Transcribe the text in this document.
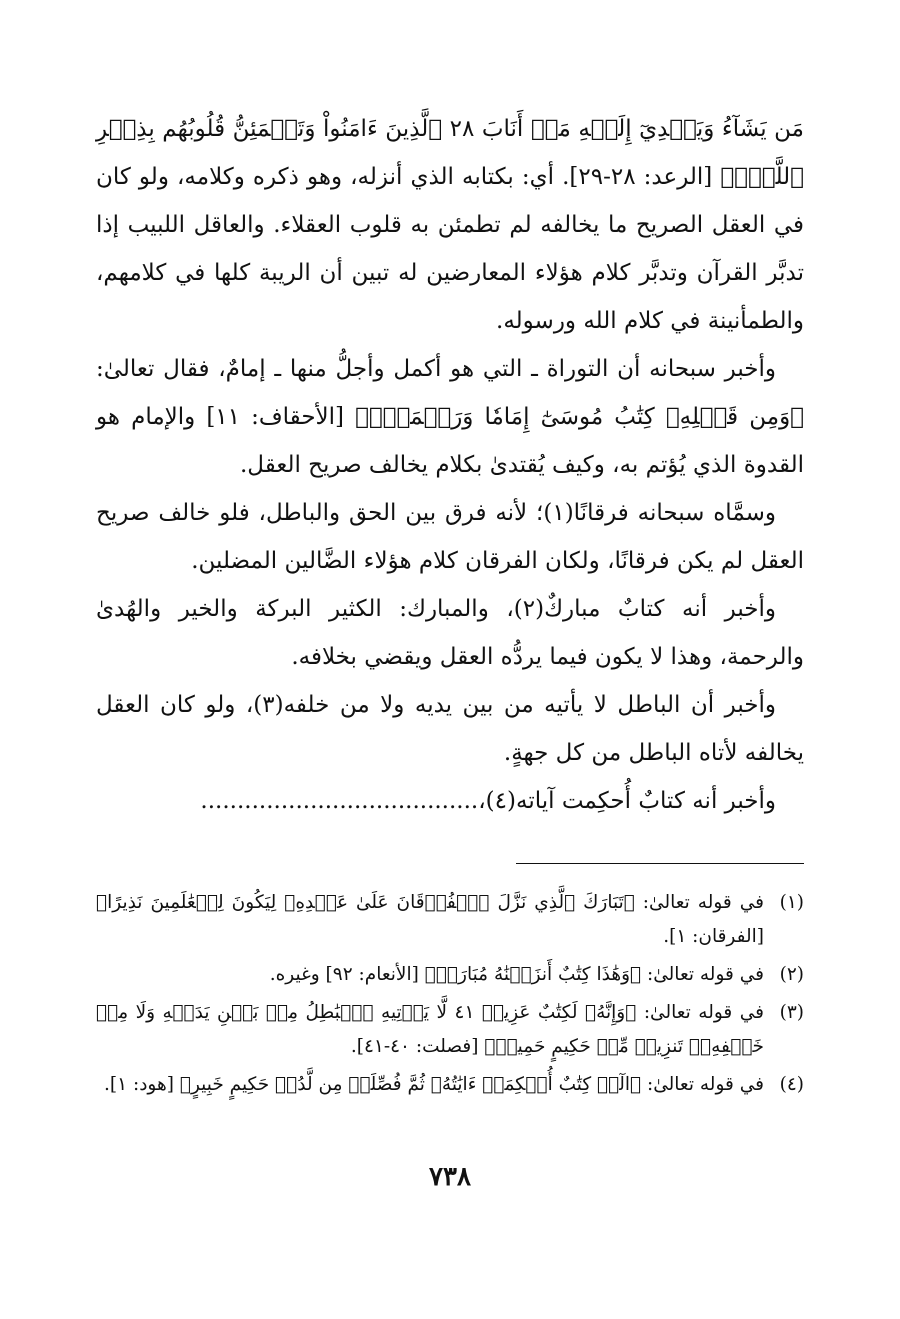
مَن يَشَآءُ وَيَهۡدِيٓ إِلَيۡهِ مَنۡ أَنَابَ ٢٨ ٱلَّذِينَ ءَامَنُواْ وَتَطۡمَئِنُّ قُلُوبُهُم بِذِكۡرِ ٱللَّهِۗ﴾ [الرعد: ٢٨-٢٩]. أي: بكتابه الذي أنزله، وهو ذكره وكلامه، ولو كان في العقل الصريح ما يخالفه لم تطمئن به قلوب العقلاء. والعاقل اللبيب إذا تدبَّر القرآن وتدبَّر كلام هؤلاء المعارضين له تبين أن الريبة كلها في كلامهم، والطمأنينة في كلام الله ورسوله.

وأخبر سبحانه أن التوراة ـ التي هو أكمل وأجلُّ منها ـ إمامٌ، فقال تعالىٰ: ﴿وَمِن قَبۡلِهِۦ كِتَٰبُ مُوسَىٰٓ إِمَامٗا وَرَحۡمَةٗۚ﴾ [الأحقاف: ١١] والإمام هو القدوة الذي يُؤتم به، وكيف يُقتدىٰ بكلام يخالف صريح العقل.

وسمَّاه سبحانه فرقانًا(١)؛ لأنه فرق بين الحق والباطل، فلو خالف صريح العقل لم يكن فرقانًا، ولكان الفرقان كلام هؤلاء الضَّالين المضلين.

وأخبر أنه كتابٌ مباركٌ(٢)، والمبارك: الكثير البركة والخير والهُدىٰ والرحمة، وهذا لا يكون فيما يردُّه العقل ويقضي بخلافه.

وأخبر أن الباطل لا يأتيه من بين يديه ولا من خلفه(٣)، ولو كان العقل يخالفه لأتاه الباطل من كل جهةٍ.

وأخبر أنه كتابٌ أُحكِمت آياته(٤)،......................................

(١)
في قوله تعالىٰ: ﴿تَبَارَكَ ٱلَّذِي نَزَّلَ ٱلۡفُرۡقَانَ عَلَىٰ عَبۡدِهِۦ لِيَكُونَ لِلۡعَٰلَمِينَ نَذِيرًا﴾ [الفرقان: ١].
(٢)
في قوله تعالىٰ: ﴿وَهَٰذَا كِتَٰبٌ أَنزَلۡنَٰهُ مُبَارَكٞ﴾ [الأنعام: ٩٢] وغيره.
(٣)
في قوله تعالىٰ: ﴿وَإِنَّهُۥ لَكِتَٰبٌ عَزِيزٞ ٤١ لَّا يَأۡتِيهِ ٱلۡبَٰطِلُ مِنۢ بَيۡنِ يَدَيۡهِ وَلَا مِنۡ خَلۡفِهِۦۖ تَنزِيلٞ مِّنۡ حَكِيمٍ حَمِيدٖ﴾ [فصلت: ٤٠-٤١].
(٤)
في قوله تعالىٰ: ﴿الٓرۚ كِتَٰبٌ أُحۡكِمَتۡ ءَايَٰتُهُۥ ثُمَّ فُصِّلَتۡ مِن لَّدُنۡ حَكِيمٍ خَبِيرٍ﴾ [هود: ١].
٧٣٨
